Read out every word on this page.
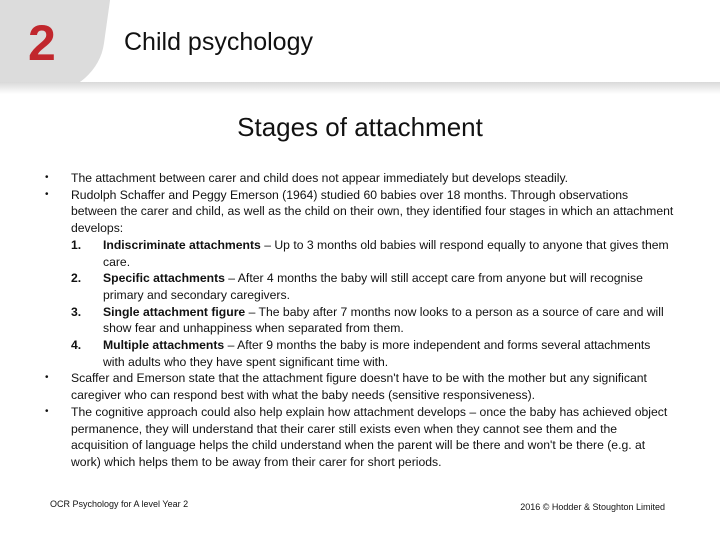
2	Child psychology
Stages of attachment
•	The attachment between carer and child does not appear immediately but develops steadily.
•	Rudolph Schaffer and Peggy Emerson (1964) studied 60 babies over 18 months. Through observations between the carer and child, as well as the child on their own, they identified four stages in which an attachment develops:
1. Indiscriminate attachments – Up to 3 months old babies will respond equally to anyone that gives them care.
2. Specific attachments – After 4 months the baby will still accept care from anyone but will recognise primary and secondary caregivers.
3. Single attachment figure – The baby after 7 months now looks to a person as a source of care and will show fear and unhappiness when separated from them.
4. Multiple attachments – After 9 months the baby is more independent and forms several attachments with adults who they have spent significant time with.
•	Scaffer and Emerson state that the attachment figure doesn't have to be with the mother but any significant caregiver who can respond best with what the baby needs (sensitive responsiveness).
•	The cognitive approach could also help explain how attachment develops – once the baby has achieved object permanence, they will understand that their carer still exists even when they cannot see them and the acquisition of language helps the child understand when the parent will be there and won't be there (e.g. at work) which helps them to be away from their carer for short periods.
OCR Psychology for A level Year 2	2016 © Hodder & Stoughton Limited
